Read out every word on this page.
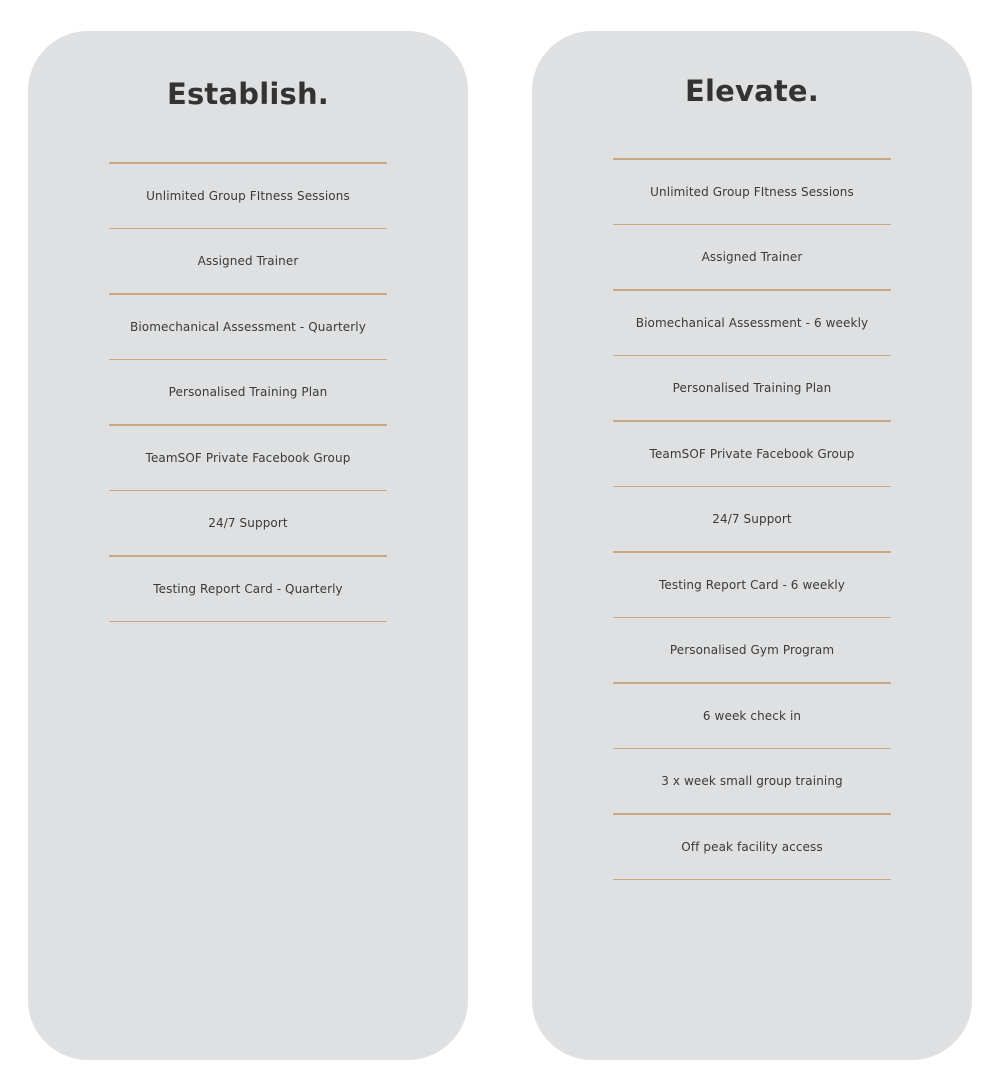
Establish.
Unlimited Group FItness Sessions
Assigned Trainer
Biomechanical Assessment - Quarterly
Personalised Training Plan
TeamSOF Private Facebook Group
24/7 Support
Testing Report Card - Quarterly
Elevate.
Unlimited Group FItness Sessions
Assigned Trainer
Biomechanical Assessment - 6 weekly
Personalised Training Plan
TeamSOF Private Facebook Group
24/7 Support
Testing Report Card - 6 weekly
Personalised Gym Program
6 week check in
3 x week small group training
Off peak facility access
